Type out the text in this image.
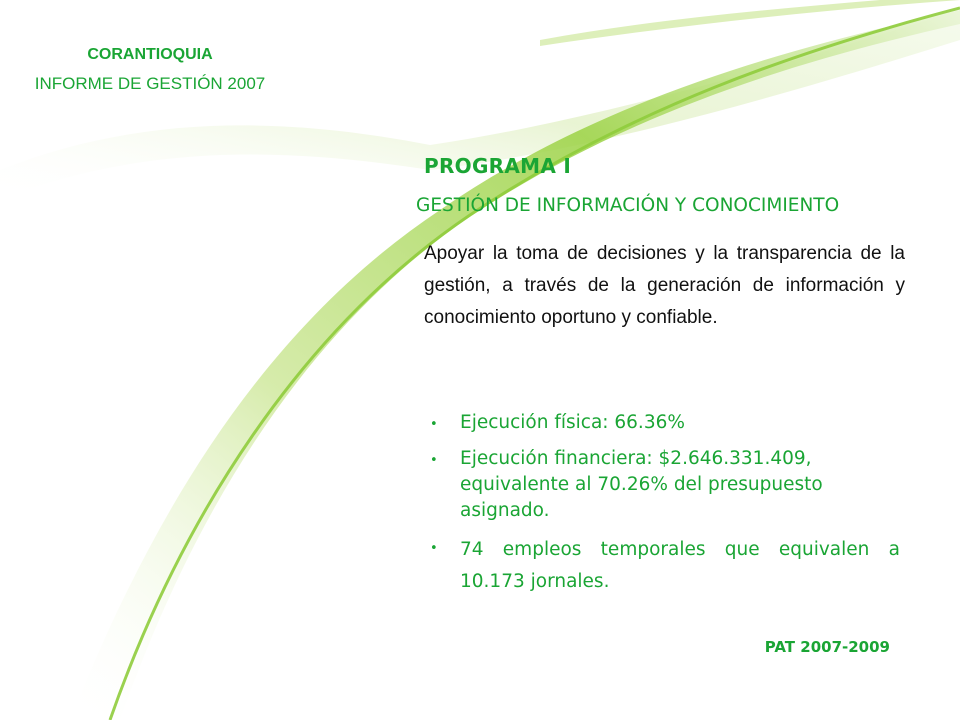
CORANTIOQUIA
INFORME DE GESTIÓN 2007
PROGRAMA I
GESTIÓN DE INFORMACIÓN Y CONOCIMIENTO

Apoyar la toma de decisiones y la transparencia de la gestión, a través de la generación de información y conocimiento oportuno y confiable.

• Ejecución física: 66.36%
• Ejecución financiera: $2.646.331.409, equivalente al 70.26% del presupuesto asignado.
• 74 empleos temporales que equivalen a 10.173 jornales.
PAT 2007-2009
